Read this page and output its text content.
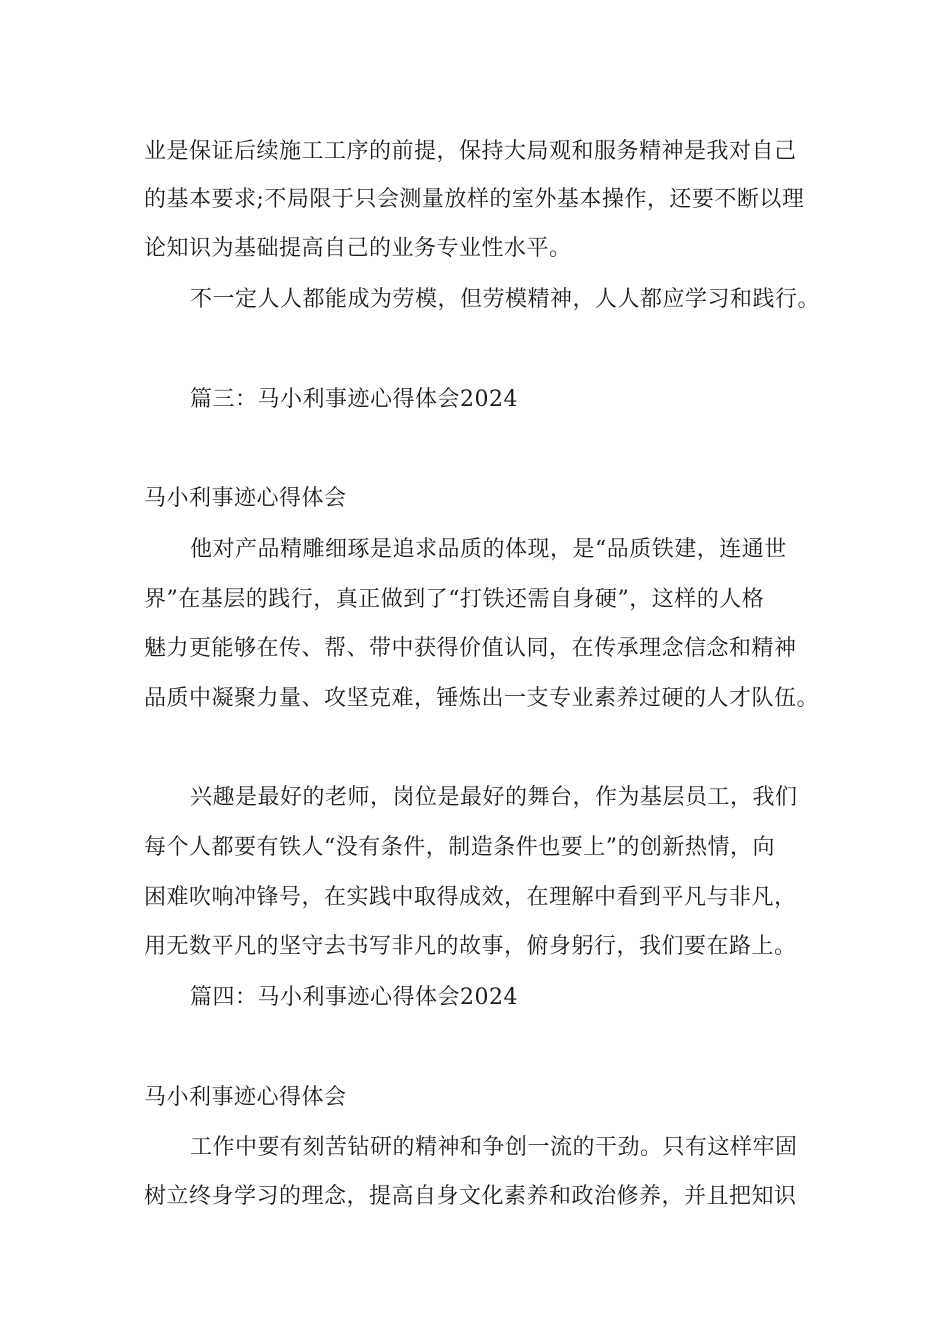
业是保证后续施工工序的前提，保持大局观和服务精神是我对自己
的基本要求;不局限于只会测量放样的室外基本操作，还要不断以理
论知识为基础提高自己的业务专业性水平。
不一定人人都能成为劳模，但劳模精神，人人都应学习和践行。
篇三：马小利事迹心得体会2024
马小利事迹心得体会
他对产品精雕细琢是追求品质的体现，是“品质铁建，连通世
界”在基层的践行，真正做到了“打铁还需自身硬”，这样的人格
魅力更能够在传、帮、带中获得价值认同，在传承理念信念和精神
品质中凝聚力量、攻坚克难，锤炼出一支专业素养过硬的人才队伍。
兴趣是最好的老师，岗位是最好的舞台，作为基层员工，我们
每个人都要有铁人“没有条件，制造条件也要上”的创新热情，向
困难吹响冲锋号，在实践中取得成效，在理解中看到平凡与非凡，
用无数平凡的坚守去书写非凡的故事，俯身躬行，我们要在路上。
篇四：马小利事迹心得体会2024
马小利事迹心得体会
工作中要有刻苦钻研的精神和争创一流的干劲。只有这样牢固
树立终身学习的理念，提高自身文化素养和政治修养，并且把知识
